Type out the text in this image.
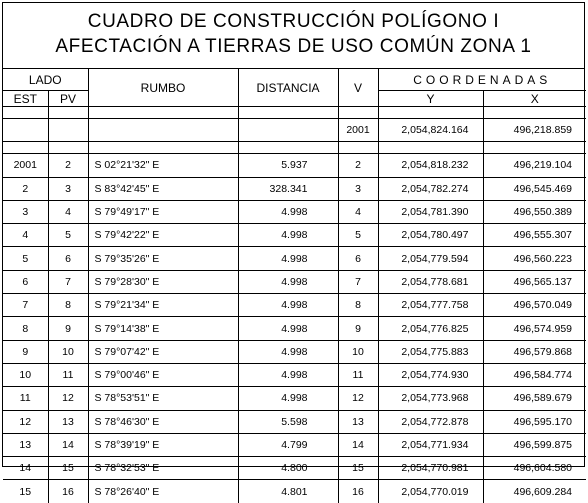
CUADRO DE CONSTRUCCIÓN POLÍGONO I
AFECTACIÓN A TIERRAS DE USO COMÚN ZONA 1
LADO		RUMBO	DISTANCIA	V	COORDENADAS	
EST	PV				Y	X

				2001	2,054,824.164	496,218.859

2001	2	S 02°21'32" E	5.937	2	2,054,818.232	496,219.104
2	3	S 83°42'45" E	328.341	3	2,054,782.274	496,545.469
3	4	S 79°49'17" E	4.998	4	2,054,781.390	496,550.389
4	5	S 79°42'22" E	4.998	5	2,054,780.497	496,555.307
5	6	S 79°35'26" E	4.998	6	2,054,779.594	496,560.223
6	7	S 79°28'30" E	4.998	7	2,054,778.681	496,565.137
7	8	S 79°21'34" E	4.998	8	2,054,777.758	496,570.049
8	9	S 79°14'38" E	4.998	9	2,054,776.825	496,574.959
9	10	S 79°07'42" E	4.998	10	2,054,775.883	496,579.868
10	11	S 79°00'46" E	4.998	11	2,054,774.930	496,584.774
11	12	S 78°53'51" E	4.998	12	2,054,773.968	496,589.679
12	13	S 78°46'30" E	5.598	13	2,054,772.878	496,595.170
13	14	S 78°39'19" E	4.799	14	2,054,771.934	496,599.875
14	15	S 78°32'53" E	4.800	15	2,054,770.981	496,604.580
15	16	S 78°26'40" E	4.801	16	2,054,770.019	496,609.284
